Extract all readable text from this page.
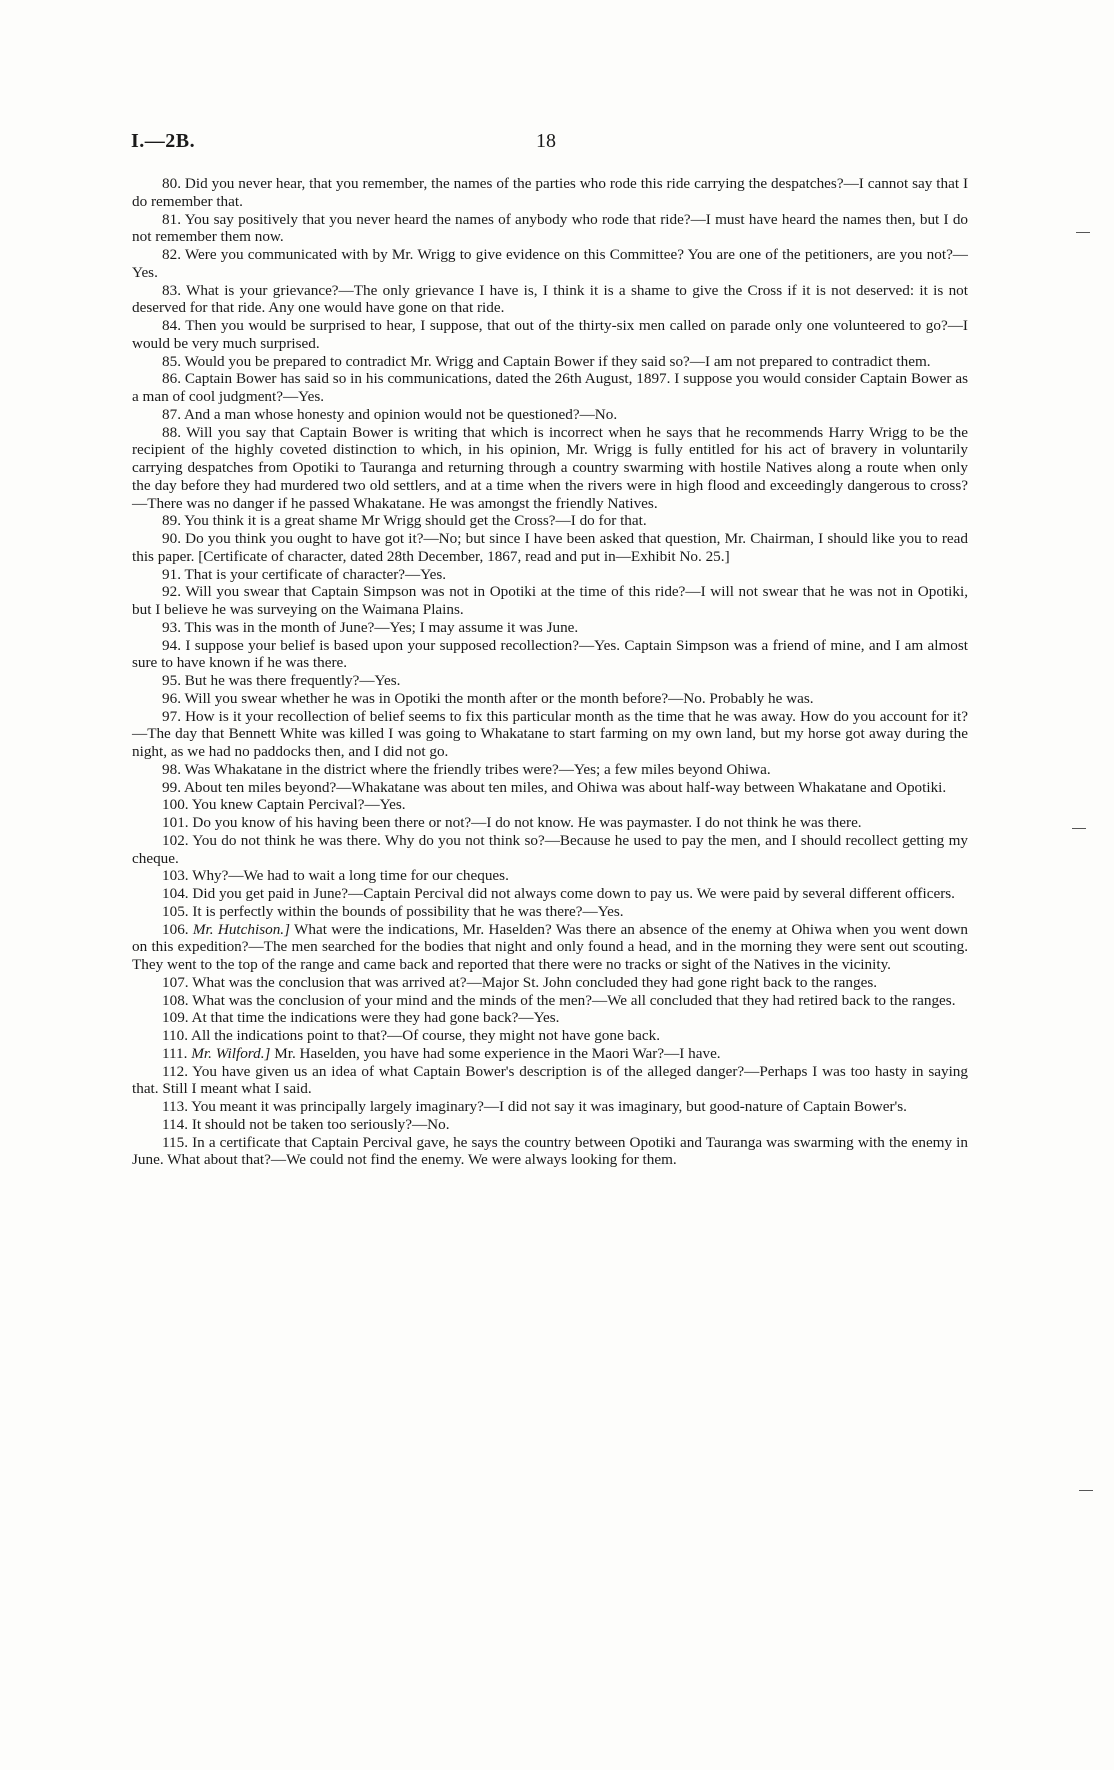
I.—2B.	18

80. Did you never hear, that you remember, the names of the parties who rode this ride carrying the despatches?—I cannot say that I do remember that.

81. You say positively that you never heard the names of anybody who rode that ride?—I must have heard the names then, but I do not remember them now.

82. Were you communicated with by Mr. Wrigg to give evidence on this Committee? You are one of the petitioners, are you not?—Yes.

83. What is your grievance?—The only grievance I have is, I think it is a shame to give the Cross if it is not deserved: it is not deserved for that ride. Any one would have gone on that ride.

84. Then you would be surprised to hear, I suppose, that out of the thirty-six men called on parade only one volunteered to go?—I would be very much surprised.

85. Would you be prepared to contradict Mr. Wrigg and Captain Bower if they said so?—I am not prepared to contradict them.

86. Captain Bower has said so in his communications, dated the 26th August, 1897. I suppose you would consider Captain Bower as a man of cool judgment?—Yes.

87. And a man whose honesty and opinion would not be questioned?—No.

88. Will you say that Captain Bower is writing that which is incorrect when he says that he recommends Harry Wrigg to be the recipient of the highly coveted distinction to which, in his opinion, Mr. Wrigg is fully entitled for his act of bravery in voluntarily carrying despatches from Opotiki to Tauranga and returning through a country swarming with hostile Natives along a route when only the day before they had murdered two old settlers, and at a time when the rivers were in high flood and exceedingly dangerous to cross?—There was no danger if he passed Whakatane. He was amongst the friendly Natives.

89. You think it is a great shame Mr Wrigg should get the Cross?—I do for that.

90. Do you think you ought to have got it?—No; but since I have been asked that question, Mr. Chairman, I should like you to read this paper. [Certificate of character, dated 28th December, 1867, read and put in—Exhibit No. 25.]

91. That is your certificate of character?—Yes.

92. Will you swear that Captain Simpson was not in Opotiki at the time of this ride?—I will not swear that he was not in Opotiki, but I believe he was surveying on the Waimana Plains.

93. This was in the month of June?—Yes; I may assume it was June.

94. I suppose your belief is based upon your supposed recollection?—Yes. Captain Simpson was a friend of mine, and I am almost sure to have known if he was there.

95. But he was there frequently?—Yes.

96. Will you swear whether he was in Opotiki the month after or the month before?—No. Probably he was.

97. How is it your recollection of belief seems to fix this particular month as the time that he was away. How do you account for it?—The day that Bennett White was killed I was going to Whakatane to start farming on my own land, but my horse got away during the night, as we had no paddocks then, and I did not go.

98. Was Whakatane in the district where the friendly tribes were?—Yes; a few miles beyond Ohiwa.

99. About ten miles beyond?—Whakatane was about ten miles, and Ohiwa was about half-way between Whakatane and Opotiki.

100. You knew Captain Percival?—Yes.

101. Do you know of his having been there or not?—I do not know. He was paymaster. I do not think he was there.

102. You do not think he was there. Why do you not think so?—Because he used to pay the men, and I should recollect getting my cheque.

103. Why?—We had to wait a long time for our cheques.

104. Did you get paid in June?—Captain Percival did not always come down to pay us. We were paid by several different officers.

105. It is perfectly within the bounds of possibility that he was there?—Yes.

106. Mr. Hutchison.] What were the indications, Mr. Haselden? Was there an absence of the enemy at Ohiwa when you went down on this expedition?—The men searched for the bodies that night and only found a head, and in the morning they were sent out scouting. They went to the top of the range and came back and reported that there were no tracks or sight of the Natives in the vicinity.

107. What was the conclusion that was arrived at?—Major St. John concluded they had gone right back to the ranges.

108. What was the conclusion of your mind and the minds of the men?—We all concluded that they had retired back to the ranges.

109. At that time the indications were they had gone back?—Yes.

110. All the indications point to that?—Of course, they might not have gone back.

111. Mr. Wilford.] Mr. Haselden, you have had some experience in the Maori War?—I have.

112. You have given us an idea of what Captain Bower's description is of the alleged danger?—Perhaps I was too hasty in saying that. Still I meant what I said.

113. You meant it was principally largely imaginary?—I did not say it was imaginary, but good-nature of Captain Bower's.

114. It should not be taken too seriously?—No.

115. In a certificate that Captain Percival gave, he says the country between Opotiki and Tauranga was swarming with the enemy in June. What about that?—We could not find the enemy. We were always looking for them.
